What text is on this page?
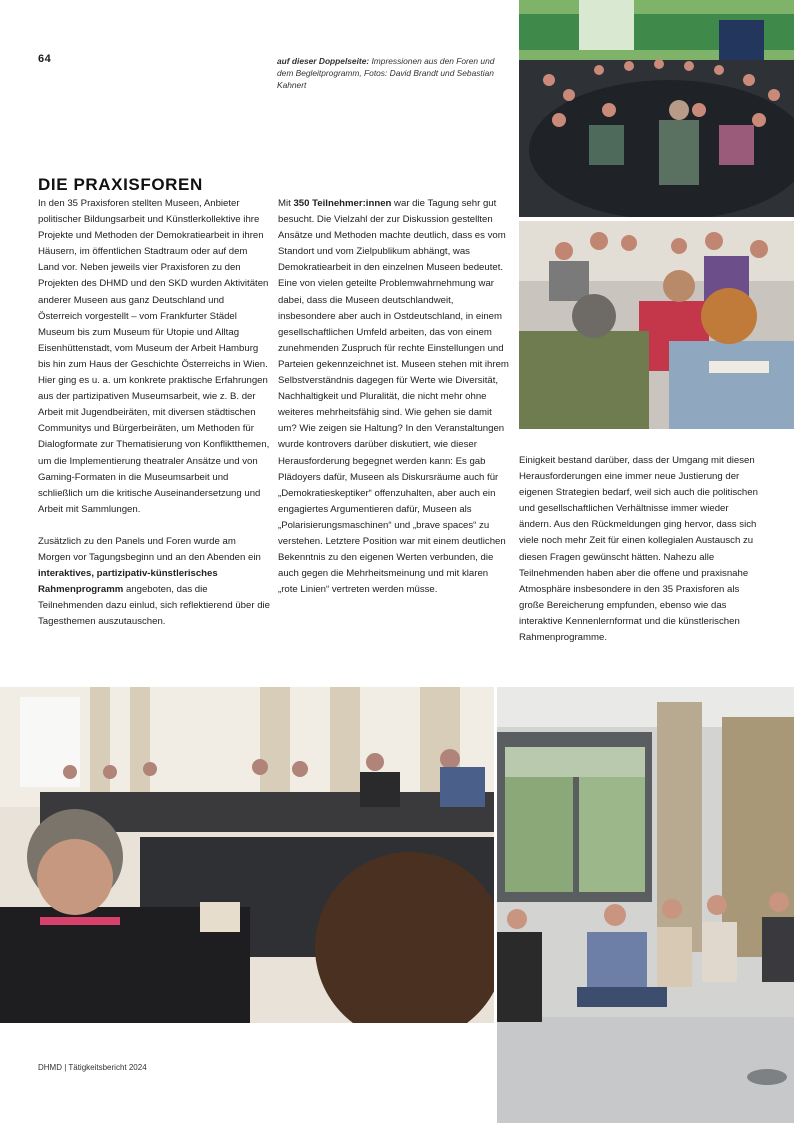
64	auf dieser Doppelseite: Impressionen aus den Foren und dem Begleitprogramm, Fotos: David Brandt und Sebastian Kahnert
DIE PRAXISFOREN

In den 35 Praxisforen stellten Museen, Anbieter politischer Bildungsarbeit und Künstlerkollektive ihre Projekte und Methoden der Demokratiearbeit in ihren Häusern, im öffentlichen Stadtraum oder auf dem Land vor. Neben jeweils vier Praxisforen zu den Projekten des DHMD und den SKD wurden Aktivitäten anderer Museen aus ganz Deutschland und Österreich vorgestellt – vom Frankfurter Städel Museum bis zum Museum für Utopie und Alltag Eisenhüttenstadt, vom Museum der Arbeit Hamburg bis hin zum Haus der Geschichte Österreichs in Wien. Hier ging es u. a. um konkrete praktische Erfahrungen aus der partizipativen Museumsarbeit, wie z. B. der Arbeit mit Jugendbeiräten, mit diversen städtischen Communitys und Bürgerbeiräten, um Methoden für Dialogformate zur Thematisierung von Konfliktthemen, um die Implementierung theatraler Ansätze und von Gaming-Formaten in die Museumsarbeit und schließlich um die kritische Auseinandersetzung und Arbeit mit Sammlungen.

Zusätzlich zu den Panels und Foren wurde am Morgen vor Tagungsbeginn und an den Abenden ein interaktives, partizipativ-künstlerisches Rahmenprogramm angeboten, das die Teilnehmenden dazu einlud, sich reflektierend über die Tagesthemen auszutauschen.

Mit 350 Teilnehmer:innen war die Tagung sehr gut besucht. Die Vielzahl der zur Diskussion gestellten Ansätze und Methoden machte deutlich, dass es vom Standort und vom Zielpublikum abhängt, was Demokratiearbeit in den einzelnen Museen bedeutet. Eine von vielen geteilte Problemwahrnehmung war dabei, dass die Museen deutschlandweit, insbesondere aber auch in Ostdeutschland, in einem gesellschaftlichen Umfeld arbeiten, das von einem zunehmenden Zuspruch für rechte Einstellungen und Parteien gekennzeichnet ist. Museen stehen mit ihrem Selbstverständnis dagegen für Werte wie Diversität, Nachhaltigkeit und Pluralität, die nicht mehr ohne weiteres mehrheitsfähig sind. Wie gehen sie damit um? Wie zeigen sie Haltung? In den Veranstaltungen wurde kontrovers darüber diskutiert, wie dieser Herausforderung begegnet werden kann: Es gab Plädoyers dafür, Museen als Diskursräume auch für „Demokratieskeptiker“ offenzuhalten, aber auch ein engagiertes Argumentieren dafür, Museen als „Polarisierungsmaschinen“ und „brave spaces“ zu verstehen. Letztere Position war mit einem deutlichen Bekenntnis zu den eigenen Werten verbunden, die auch gegen die Mehrheitsmeinung und mit klaren „rote Linien“ vertreten werden müsse.

Einigkeit bestand darüber, dass der Umgang mit diesen Herausforderungen eine immer neue Justierung der eigenen Strategien bedarf, weil sich auch die politischen und gesellschaftlichen Verhältnisse immer wieder ändern. Aus den Rückmeldungen ging hervor, dass sich viele noch mehr Zeit für einen kollegialen Austausch zu diesen Fragen gewünscht hätten. Nahezu alle Teilnehmenden haben aber die offene und praxisnahe Atmosphäre insbesondere in den 35 Praxisforen als große Bereicherung empfunden, ebenso wie das interaktive Kennenlernformat und die künstlerischen Rahmenprogramme.

DHMD | Tätigkeitsbericht 2024
